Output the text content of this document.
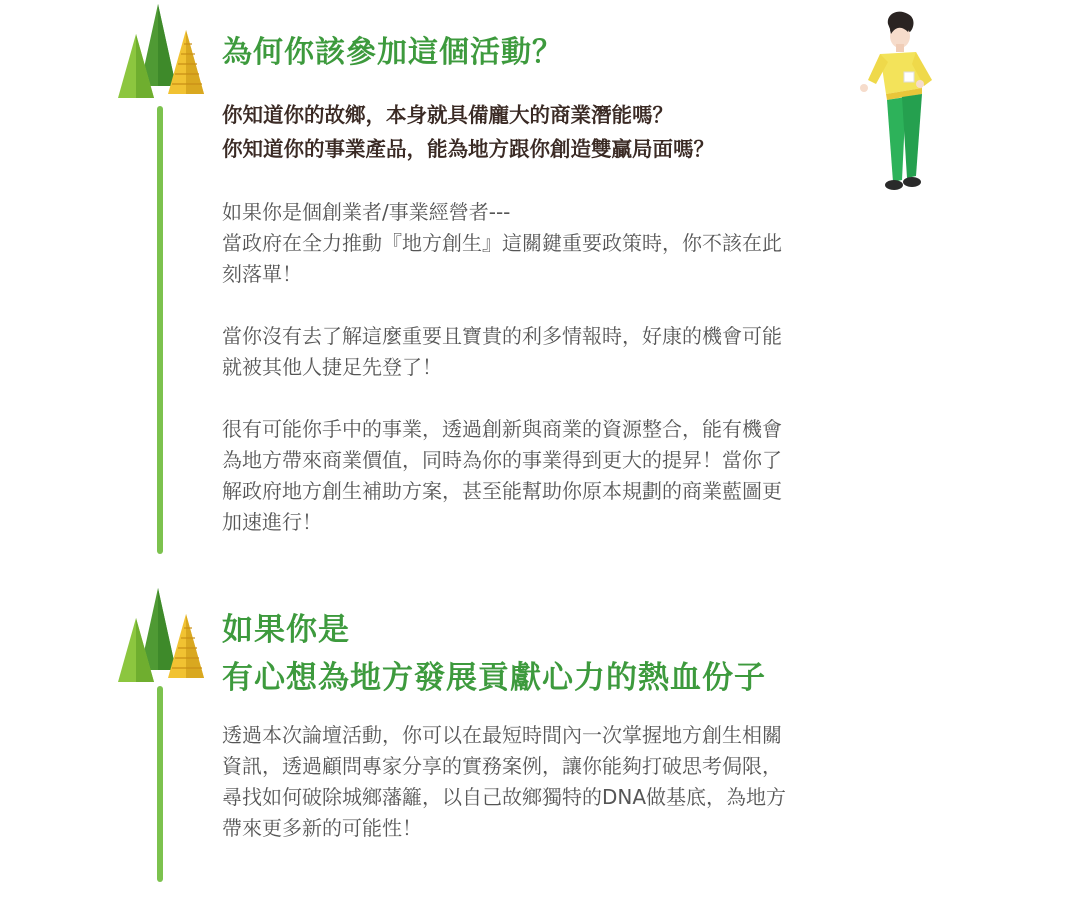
為何你該參加這個活動？
你知道你的故鄉，本身就具備龐大的商業潛能嗎？
你知道你的事業產品，能為地方跟你創造雙贏局面嗎？

如果你是個創業者/事業經營者---
當政府在全力推動『地方創生』這關鍵重要政策時，你不該在此
刻落單！

當你沒有去了解這麼重要且寶貴的利多情報時，好康的機會可能
就被其他人捷足先登了！

很有可能你手中的事業，透過創新與商業的資源整合，能有機會
為地方帶來商業價值，同時為你的事業得到更大的提昇！當你了
解政府地方創生補助方案，甚至能幫助你原本規劃的商業藍圖更
加速進行！

如果你是
有心想為地方發展貢獻心力的熱血份子

透過本次論壇活動，你可以在最短時間內一次掌握地方創生相關
資訊，透過顧問專家分享的實務案例，讓你能夠打破思考侷限，
尋找如何破除城鄉藩籬，以自己故鄉獨特的DNA做基底，為地方
帶來更多新的可能性！
